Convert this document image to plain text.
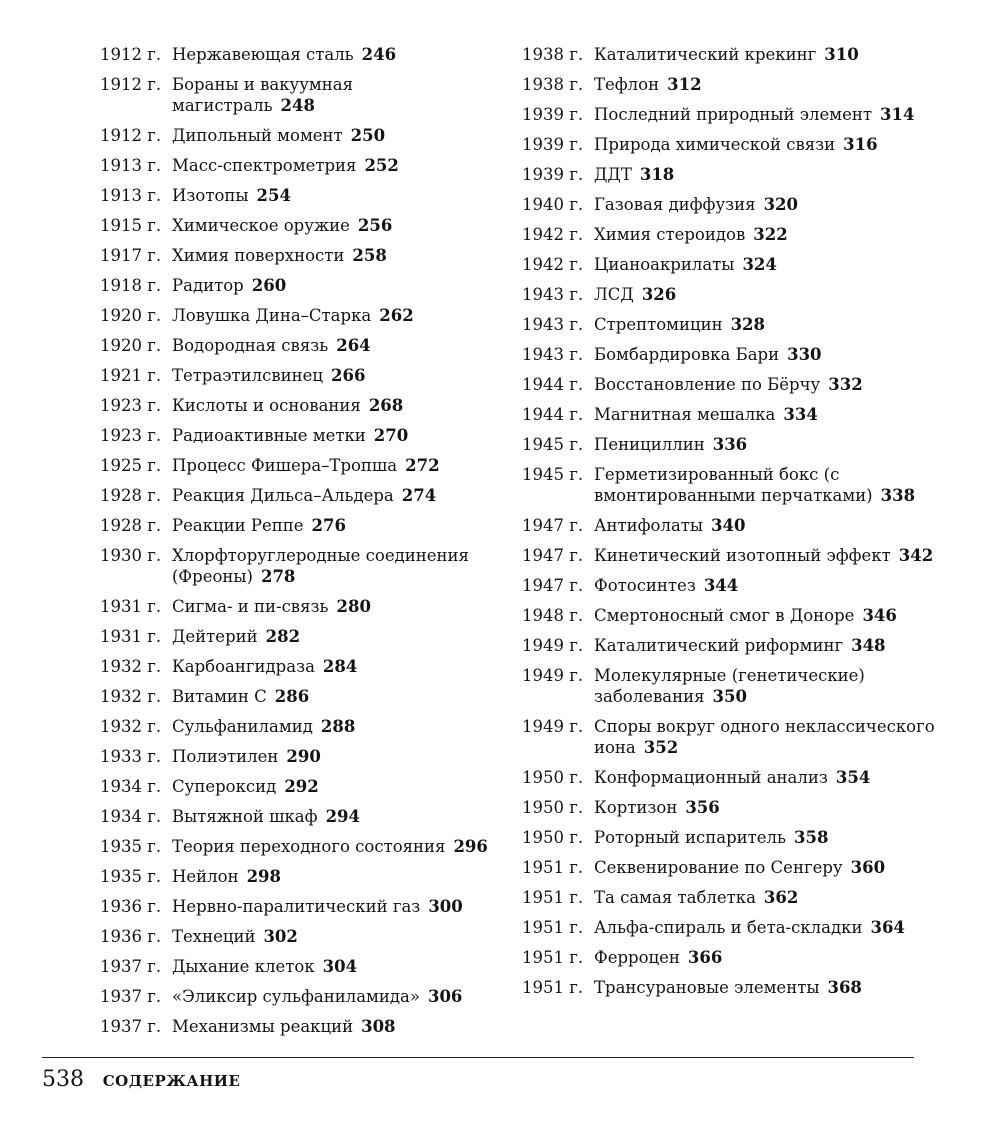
1912 г. Нержавеющая сталь 246
1912 г. Бораны и вакуумная магистраль 248
1912 г. Дипольный момент 250
1913 г. Масс-спектрометрия 252
1913 г. Изотопы 254
1915 г. Химическое оружие 256
1917 г. Химия поверхности 258
1918 г. Радитор 260
1920 г. Ловушка Дина–Старка 262
1920 г. Водородная связь 264
1921 г. Тетраэтилсвинец 266
1923 г. Кислоты и основания 268
1923 г. Радиоактивные метки 270
1925 г. Процесс Фишера–Тропша 272
1928 г. Реакция Дильса–Альдера 274
1928 г. Реакции Реппе 276
1930 г. Хлорфторуглеродные соединения (Фреоны) 278
1931 г. Сигма- и пи-связь 280
1931 г. Дейтерий 282
1932 г. Карбоангидраза 284
1932 г. Витамин С 286
1932 г. Сульфаниламид 288
1933 г. Полиэтилен 290
1934 г. Супероксид 292
1934 г. Вытяжной шкаф 294
1935 г. Теория переходного состояния 296
1935 г. Нейлон 298
1936 г. Нервно-паралитический газ 300
1936 г. Технеций 302
1937 г. Дыхание клеток 304
1937 г. «Эликсир сульфаниламида» 306
1937 г. Механизмы реакций 308
1938 г. Каталитический крекинг 310
1938 г. Тефлон 312
1939 г. Последний природный элемент 314
1939 г. Природа химической связи 316
1939 г. ДДТ 318
1940 г. Газовая диффузия 320
1942 г. Химия стероидов 322
1942 г. Цианоакрилаты 324
1943 г. ЛСД 326
1943 г. Стрептомицин 328
1943 г. Бомбардировка Бари 330
1944 г. Восстановление по Бёрчу 332
1944 г. Магнитная мешалка 334
1945 г. Пенициллин 336
1945 г. Герметизированный бокс (с вмонтированными перчатками) 338
1947 г. Антифолаты 340
1947 г. Кинетический изотопный эффект 342
1947 г. Фотосинтез 344
1948 г. Смертоносный смог в Доноре 346
1949 г. Каталитический риформинг 348
1949 г. Молекулярные (генетические) заболевания 350
1949 г. Споры вокруг одного неклассического иона 352
1950 г. Конформационный анализ 354
1950 г. Кортизон 356
1950 г. Роторный испаритель 358
1951 г. Секвенирование по Сенгеру 360
1951 г. Та самая таблетка 362
1951 г. Альфа-спираль и бета-складки 364
1951 г. Ферроцен 366
1951 г. Трансурановые элементы 368
538 СОДЕРЖАНИЕ
